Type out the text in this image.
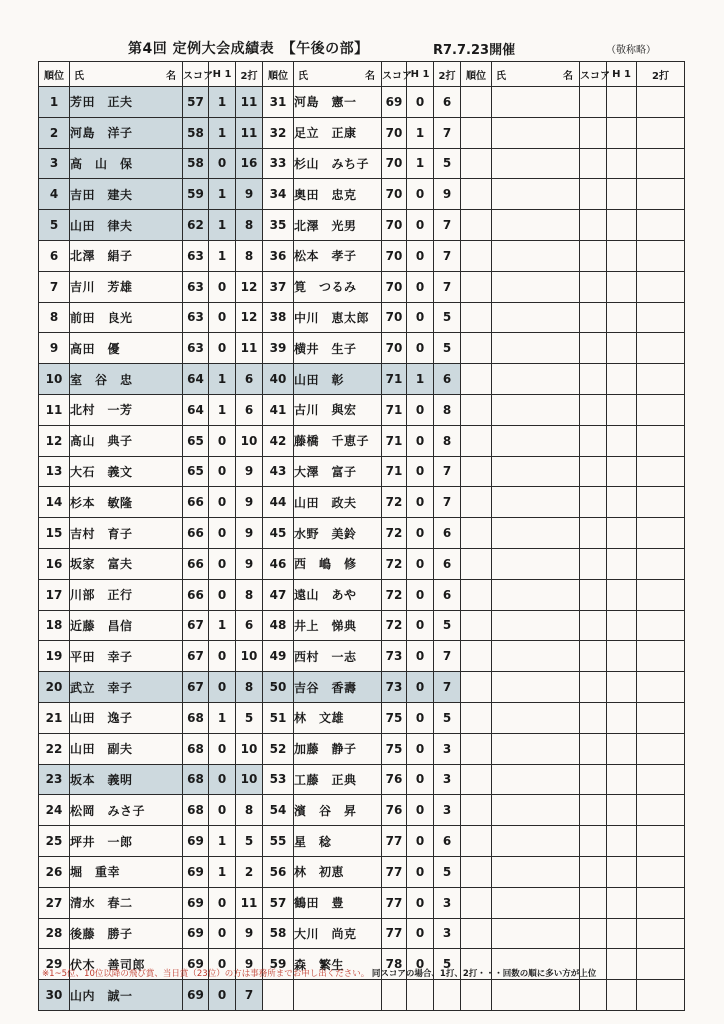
第4回 定例大会成績表　【午後の部】	R7.7.23開催	（敬称略）
順位	氏 名	スコア	H 1	2打	順位	氏 名	スコア	H 1	2打	順位	氏 名	スコア	H 1	2打
1	芳田　正夫	57	1	11	31	河島　憲一	69	0	6					
2	河島　洋子	58	1	11	32	足立　正康	70	1	7					
3	高　山　保	58	0	16	33	杉山　みち子	70	1	5					
4	吉田　建夫	59	1	9	34	奥田　忠克	70	0	9					
5	山田　律夫	62	1	8	35	北澤　光男	70	0	7					
6	北澤　絹子	63	1	8	36	松本　孝子	70	0	7					
7	吉川　芳雄	63	0	12	37	筧　つるみ	70	0	7					
8	前田　良光	63	0	12	38	中川　恵太郎	70	0	5					
9	高田　優	63	0	11	39	横井　生子	70	0	5					
10	室　谷　忠	64	1	6	40	山田　彰	71	1	6					
11	北村　一芳	64	1	6	41	古川　與宏	71	0	8					
12	髙山　典子	65	0	10	42	藤橋　千恵子	71	0	8					
13	大石　義文	65	0	9	43	大澤　富子	71	0	7					
14	杉本　敏隆	66	0	9	44	山田　政夫	72	0	7					
15	吉村　育子	66	0	9	45	水野　美鈴	72	0	6					
16	坂家　富夫	66	0	9	46	西　嶋　修	72	0	6					
17	川部　正行	66	0	8	47	遠山　あや	72	0	6					
18	近藤　昌信	67	1	6	48	井上　悌典	72	0	5					
19	平田　幸子	67	0	10	49	西村　一志	73	0	7					
20	武立　幸子	67	0	8	50	吉谷　香壽	73	0	7					
21	山田　逸子	68	1	5	51	林　文雄	75	0	5					
22	山田　副夫	68	0	10	52	加藤　静子	75	0	3					
23	坂本　義明	68	0	10	53	工藤　正典	76	0	3					
24	松岡　みさ子	68	0	8	54	濱　谷　昇	76	0	3					
25	坪井　一郎	69	1	5	55	星　稔	77	0	6					
26	堀　重幸	69	1	2	56	林　初恵	77	0	5					
27	清水　春二	69	0	11	57	鶴田　豊	77	0	3					
28	後藤　勝子	69	0	9	58	大川　尚克	77	0	3					
29	伏木　善司郎	69	0	9	59	森　繁生	78	0	5					
30	山内　誠一	69	0	7										
※1~5位、10位以降の飛び賞、当日賞（23位）の方は事務所までお申し出ください。 同スコアの場合、1打、2打・・・回数の順に多い方が上位
